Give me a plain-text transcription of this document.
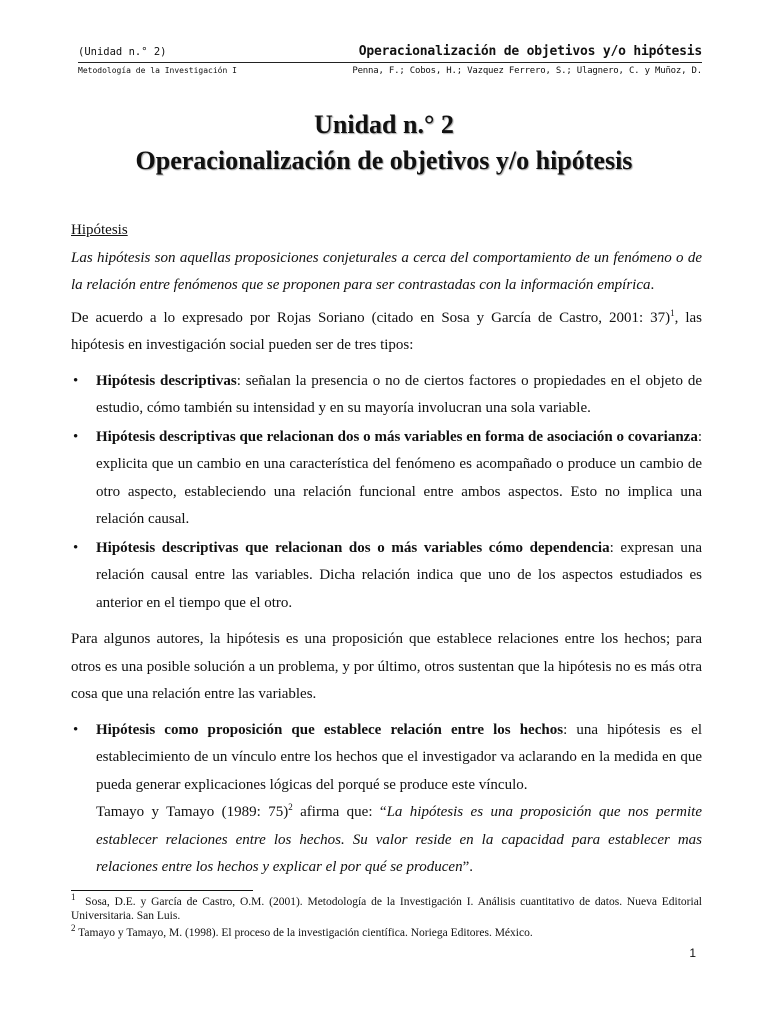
(Unidad n.° 2)	Operacionalización de objetivos y/o hipótesis
Metodología de la Investigación I	Penna, F.; Cobos, H.; Vazquez Ferrero, S.; Ulagnero, C. y Muñoz, D.
Unidad n.° 2
Operacionalización de objetivos y/o hipótesis

Hipótesis

Las hipótesis son aquellas proposiciones conjeturales a cerca del comportamiento de un fenómeno o de la relación entre fenómenos que se proponen para ser contrastadas con la información empírica.

De acuerdo a lo expresado por Rojas Soriano (citado en Sosa y García de Castro, 2001: 37)$^1$, las hipótesis en investigación social pueden ser de tres tipos:

• Hipótesis descriptivas: señalan la presencia o no de ciertos factores o propiedades en el objeto de estudio, cómo también su intensidad y en su mayoría involucran una sola variable.
• Hipótesis descriptivas que relacionan dos o más variables en forma de asociación o covarianza: explicita que un cambio en una característica del fenómeno es acompañado o produce un cambio de otro aspecto, estableciendo una relación funcional entre ambos aspectos. Esto no implica una relación causal.
• Hipótesis descriptivas que relacionan dos o más variables cómo dependencia: expresan una relación causal entre las variables. Dicha relación indica que uno de los aspectos estudiados es anterior en el tiempo que el otro.

Para algunos autores, la hipótesis es una proposición que establece relaciones entre los hechos; para otros es una posible solución a un problema, y por último, otros sustentan que la hipótesis no es más otra cosa que una relación entre las variables.

• Hipótesis como proposición que establece relación entre los hechos: una hipótesis es el establecimiento de un vínculo entre los hechos que el investigador va aclarando en la medida en que pueda generar explicaciones lógicas del porqué se produce este vínculo.
Tamayo y Tamayo (1989: 75)$^2$ afirma que: “La hipótesis es una proposición que nos permite establecer relaciones entre los hechos. Su valor reside en la capacidad para establecer mas relaciones entre los hechos y explicar el por qué se producen”.
$^1$ Sosa, D.E. y García de Castro, O.M. (2001). Metodología de la Investigación I. Análisis cuantitativo de datos. Nueva Editorial Universitaria. San Luis.
$^2$ Tamayo y Tamayo, M. (1998). El proceso de la investigación científica. Noriega Editores. México.
1
